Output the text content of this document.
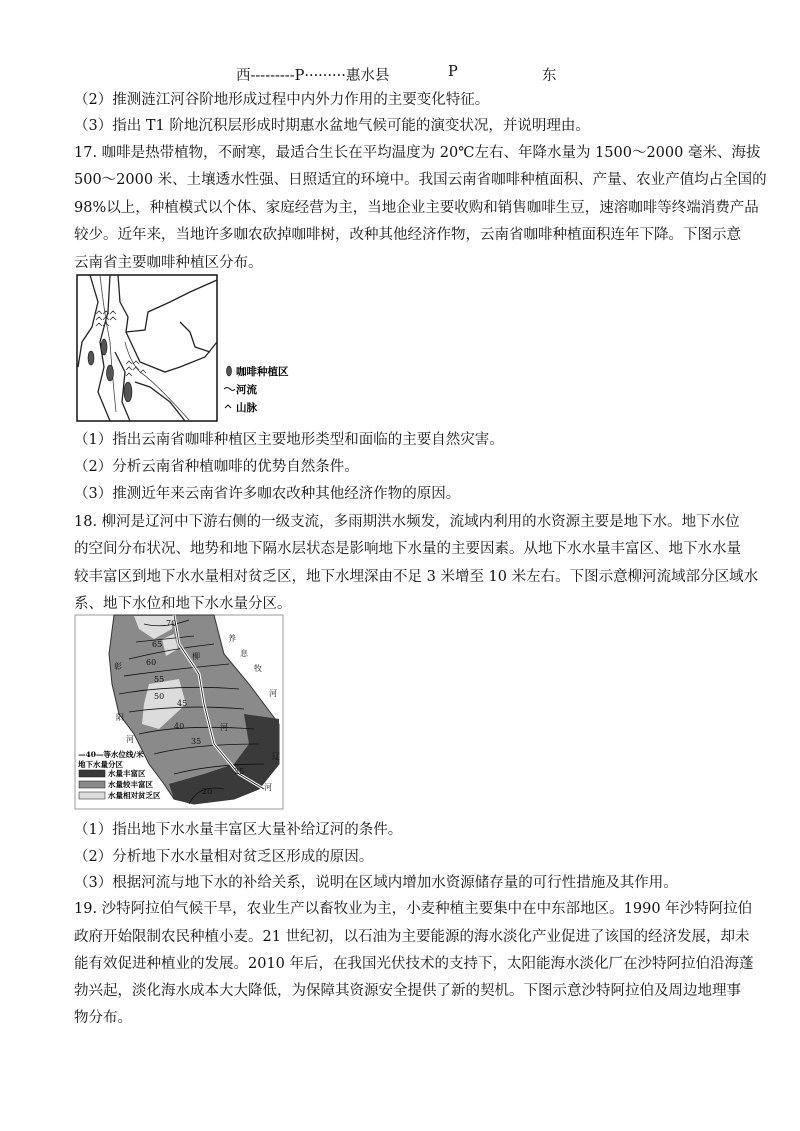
西---------P·········惠水县	P	东
（2）推测涟江河谷阶地形成过程中内外力作用的主要变化特征。
（3）指出 T1 阶地沉积层形成时期惠水盆地气候可能的演变状况，并说明理由。
17. 咖啡是热带植物，不耐寒，最适合生长在平均温度为 20℃左右、年降水量为 1500～2000 毫米、海拔
500～2000 米、土壤透水性强、日照适宜的环境中。我国云南省咖啡种植面积、产量、农业产值均占全国的
98%以上，种植模式以个体、家庭经营为主，当地企业主要收购和销售咖啡生豆，速溶咖啡等终端消费产品
较少。近年来，当地许多咖农砍掉咖啡树，改种其他经济作物，云南省咖啡种植面积连年下降。下图示意
云南省主要咖啡种植区分布。
咖啡种植区
河流
山脉
（1）指出云南省咖啡种植区主要地形类型和面临的主要自然灾害。
（2）分析云南省种植咖啡的优势自然条件。
（3）推测近年来云南省许多咖农改种其他经济作物的原因。
18. 柳河是辽河中下游右侧的一级支流，多雨期洪水频发，流域内利用的水资源主要是地下水。地下水位
的空间分布状况、地势和地下隔水层状态是影响地下水量的主要因素。从地下水水量丰富区、地下水水量
较丰富区到地下水水量相对贫乏区，地下水埋深由不足 3 米增至 10 米左右。下图示意柳河流域部分区域水
系、地下水位和地下水水量分区。
70
65
60
55
50
45
40
35
25
20
彰
阳
河
养
息
牧
河
柳
河
辽
河
—40—等水位线/米
地下水量分区
水量丰富区
水量较丰富区
水量相对贫乏区
（1）指出地下水水量丰富区大量补给辽河的条件。
（2）分析地下水水量相对贫乏区形成的原因。
（3）根据河流与地下水的补给关系，说明在区域内增加水资源储存量的可行性措施及其作用。
19. 沙特阿拉伯气候干旱，农业生产以畜牧业为主，小麦种植主要集中在中东部地区。1990 年沙特阿拉伯
政府开始限制农民种植小麦。21 世纪初，以石油为主要能源的海水淡化产业促进了该国的经济发展，却未
能有效促进种植业的发展。2010 年后，在我国光伏技术的支持下，太阳能海水淡化厂在沙特阿拉伯沿海蓬
勃兴起，淡化海水成本大大降低，为保障其资源安全提供了新的契机。下图示意沙特阿拉伯及周边地理事
物分布。
